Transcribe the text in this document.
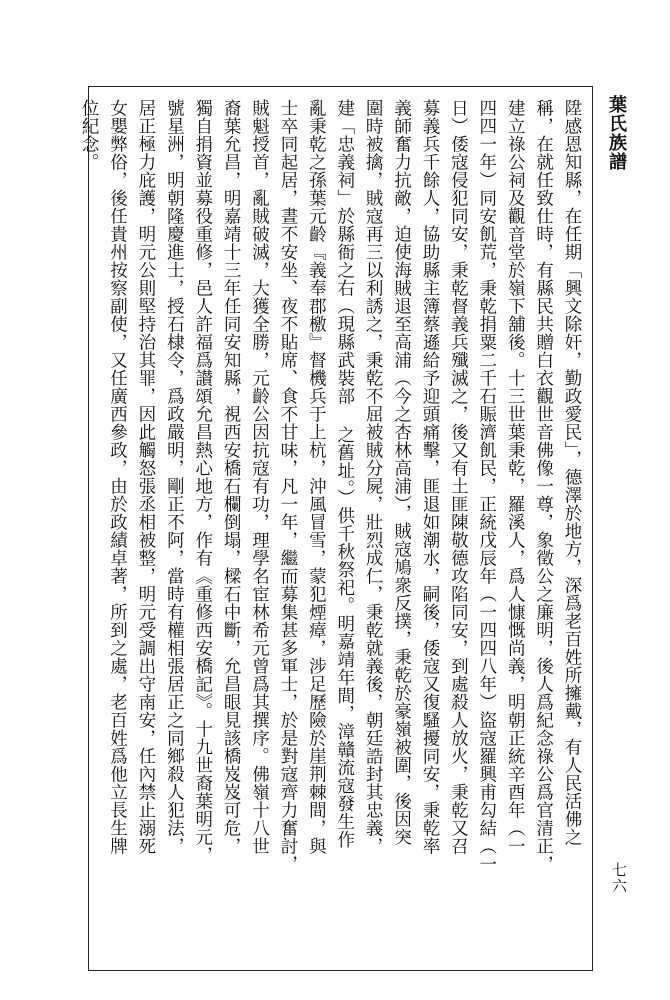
陞感恩知縣，在任期「興文除奸，勤政愛民」，德澤於地方，深爲老百姓所擁戴，有人民活佛之
稱，在就任致仕時，有縣民共贈白衣觀世音佛像一尊，象徵公之廉明，後人爲紀念祿公爲官清正，
建立祿公祠及觀音堂於嶺下舖後。十三世葉秉乾，羅溪人，爲人慷慨尚義，明朝正統辛酉年（一
四四一年）同安飢荒，秉乾捐粟二千石賑濟飢民，正統戊辰年（一四四八年）盜寇羅興甫勾結（一
日）倭寇侵犯同安，秉乾督義兵殲滅之，後又有土匪陳敬德攻陷同安，到處殺人放火，秉乾又召
募義兵千餘人，協助縣主簿蔡遜給予迎頭痛擊，匪退如潮水，嗣後，倭寇又復騷擾同安，秉乾率
義師奮力抗敵，迫使海賊退至高浦（今之杏林高浦），賊寇鳩衆反撲，秉乾於豪嶺被圍，後因突
圍時被擒，賊寇再三以利誘之，秉乾不屈被賊分屍，壯烈成仁，秉乾就義後，朝廷誥封其忠義，
建「忠義祠」於縣衙之右（現縣武裝部 之舊址。）供千秋祭祀。明嘉靖年間，漳贛流寇發生作
亂秉乾之孫葉元齡『義奉郡檄』督機兵于上杭，沖風冒雪，蒙犯煙瘴，涉足歷險於崖荆棘間，與
士卒同起居，晝不安坐、夜不貼席、食不甘味，凡一年，繼而募集甚多軍士，於是對寇齊力奮討，
賊魁授首，亂賊破滅，大獲全勝，元齡公因抗寇有功，理學名宦林希元曾爲其撰序。佛嶺十八世
裔葉允昌，明嘉靖十三年任同安知縣，視西安橋石欄倒塌，樑石中斷，允昌眼見該橋岌岌可危，
獨自捐資並募役重修，邑人許福爲讃頌允昌熱心地方，作有《重修西安橋記》。十九世裔葉明元，
號星洲，明朝隆慶進士，授石棣令，爲政嚴明，剛正不阿，當時有權相張居正之同鄉殺人犯法，
居正極力庇護，明元公則堅持治其罪，因此觸怒張丞相被整，明元受調出守南安，任內禁止溺死
女嬰弊俗，後任貴州按察副使，又任廣西參政，由於政績卓著，所到之處，老百姓爲他立長生牌
位紀念。	葉氏族譜
七六
